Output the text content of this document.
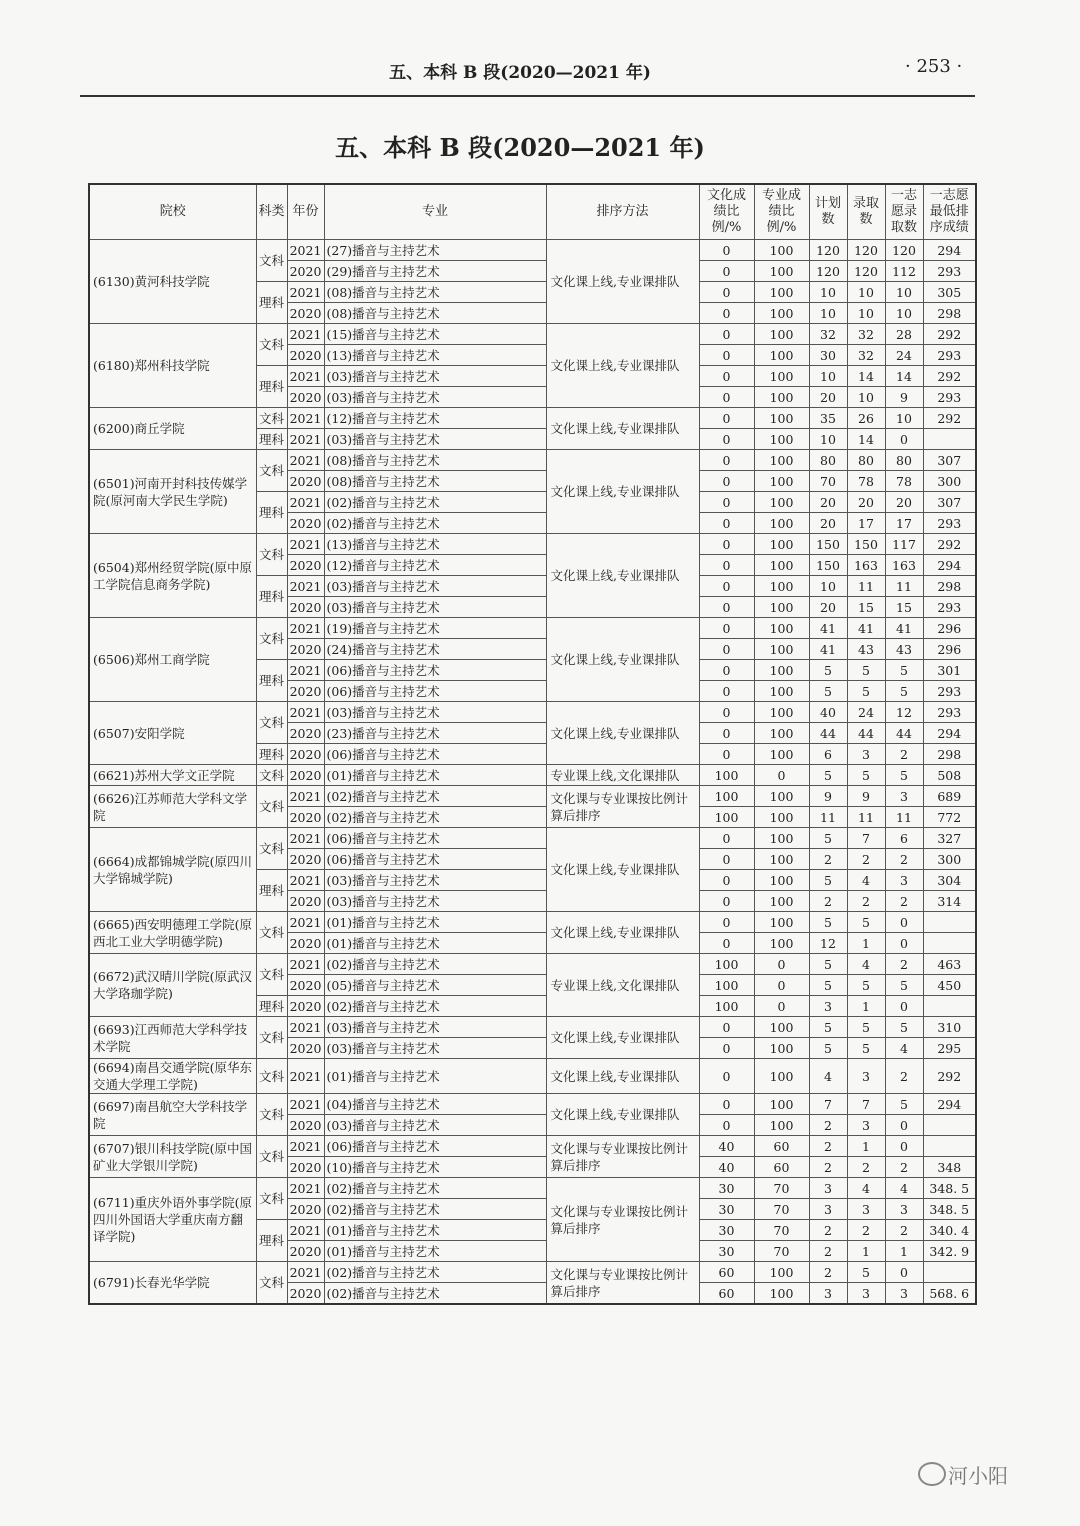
五、本科 B 段(2020—2021 年)	· 253 ·
五、本科 B 段(2020—2021 年)
院校	科类	年份	专业	排序方法	文化成绩比例/%	专业成绩比例/%	计划数	录取数	一志愿录取数	一志愿最低排序成绩
(6130)黄河科技学院	文科	2021	(27)播音与主持艺术	文化课上线,专业课排队	0	100	120	120	120	294
		2020	(29)播音与主持艺术		0	100	120	120	112	293
	理科	2021	(08)播音与主持艺术		0	100	10	10	10	305
		2020	(08)播音与主持艺术		0	100	10	10	10	298
(6180)郑州科技学院	文科	2021	(15)播音与主持艺术	文化课上线,专业课排队	0	100	32	32	28	292
		2020	(13)播音与主持艺术		0	100	30	32	24	293
	理科	2021	(03)播音与主持艺术		0	100	10	14	14	292
		2020	(03)播音与主持艺术		0	100	20	10	9	293
(6200)商丘学院	文科	2021	(12)播音与主持艺术	文化课上线,专业课排队	0	100	35	26	10	292
	理科	2021	(03)播音与主持艺术		0	100	10	14	0	
(6501)河南开封科技传媒学院(原河南大学民生学院)	文科	2021	(08)播音与主持艺术	文化课上线,专业课排队	0	100	80	80	80	307
		2020	(08)播音与主持艺术		0	100	70	78	78	300
	理科	2021	(02)播音与主持艺术		0	100	20	20	20	307
		2020	(02)播音与主持艺术		0	100	20	17	17	293
(6504)郑州经贸学院(原中原工学院信息商务学院)	文科	2021	(13)播音与主持艺术	文化课上线,专业课排队	0	100	150	150	117	292
		2020	(12)播音与主持艺术		0	100	150	163	163	294
	理科	2021	(03)播音与主持艺术		0	100	10	11	11	298
		2020	(03)播音与主持艺术		0	100	20	15	15	293
(6506)郑州工商学院	文科	2021	(19)播音与主持艺术	文化课上线,专业课排队	0	100	41	41	41	296
		2020	(24)播音与主持艺术		0	100	41	43	43	296
	理科	2021	(06)播音与主持艺术		0	100	5	5	5	301
		2020	(06)播音与主持艺术		0	100	5	5	5	293
(6507)安阳学院	文科	2021	(03)播音与主持艺术	文化课上线,专业课排队	0	100	40	24	12	293
		2020	(23)播音与主持艺术		0	100	44	44	44	294
	理科	2020	(06)播音与主持艺术		0	100	6	3	2	298
(6621)苏州大学文正学院	文科	2020	(01)播音与主持艺术	专业课上线,文化课排队	100	0	5	5	5	508
(6626)江苏师范大学科文学院	文科	2021	(02)播音与主持艺术	文化课与专业课按比例计算后排序	100	100	9	9	3	689
		2020	(02)播音与主持艺术		100	100	11	11	11	772
(6664)成都锦城学院(原四川大学锦城学院)	文科	2021	(06)播音与主持艺术	文化课上线,专业课排队	0	100	5	7	6	327
		2020	(06)播音与主持艺术		0	100	2	2	2	300
	理科	2021	(03)播音与主持艺术		0	100	5	4	3	304
		2020	(03)播音与主持艺术		0	100	2	2	2	314
(6665)西安明德理工学院(原西北工业大学明德学院)	文科	2021	(01)播音与主持艺术	文化课上线,专业课排队	0	100	5	5	0	
		2020	(01)播音与主持艺术		0	100	12	1	0	
(6672)武汉晴川学院(原武汉大学珞珈学院)	文科	2021	(02)播音与主持艺术	专业课上线,文化课排队	100	0	5	4	2	463
		2020	(05)播音与主持艺术		100	0	5	5	5	450
	理科	2020	(02)播音与主持艺术		100	0	3	1	0	
(6693)江西师范大学科学技术学院	文科	2021	(03)播音与主持艺术	文化课上线,专业课排队	0	100	5	5	5	310
		2020	(03)播音与主持艺术		0	100	5	5	4	295
(6694)南昌交通学院(原华东交通大学理工学院)	文科	2021	(01)播音与主持艺术	文化课上线,专业课排队	0	100	4	3	2	292
(6697)南昌航空大学科技学院	文科	2021	(04)播音与主持艺术	文化课上线,专业课排队	0	100	7	7	5	294
		2020	(03)播音与主持艺术		0	100	2	3	0	
(6707)银川科技学院(原中国矿业大学银川学院)	文科	2021	(06)播音与主持艺术	文化课与专业课按比例计算后排序	40	60	2	1	0	
		2020	(10)播音与主持艺术		40	60	2	2	2	348
(6711)重庆外语外事学院(原四川外国语大学重庆南方翻译学院)	文科	2021	(02)播音与主持艺术	文化课与专业课按比例计算后排序	30	70	3	4	4	348. 5
		2020	(02)播音与主持艺术		30	70	3	3	3	348. 5
	理科	2021	(01)播音与主持艺术		30	70	2	2	2	340. 4
		2020	(01)播音与主持艺术		30	70	2	1	1	342. 9
(6791)长春光华学院	文科	2021	(02)播音与主持艺术	文化课与专业课按比例计算后排序	60	100	2	5	0	
		2020	(02)播音与主持艺术		60	100	3	3	3	568. 6
河小阳
